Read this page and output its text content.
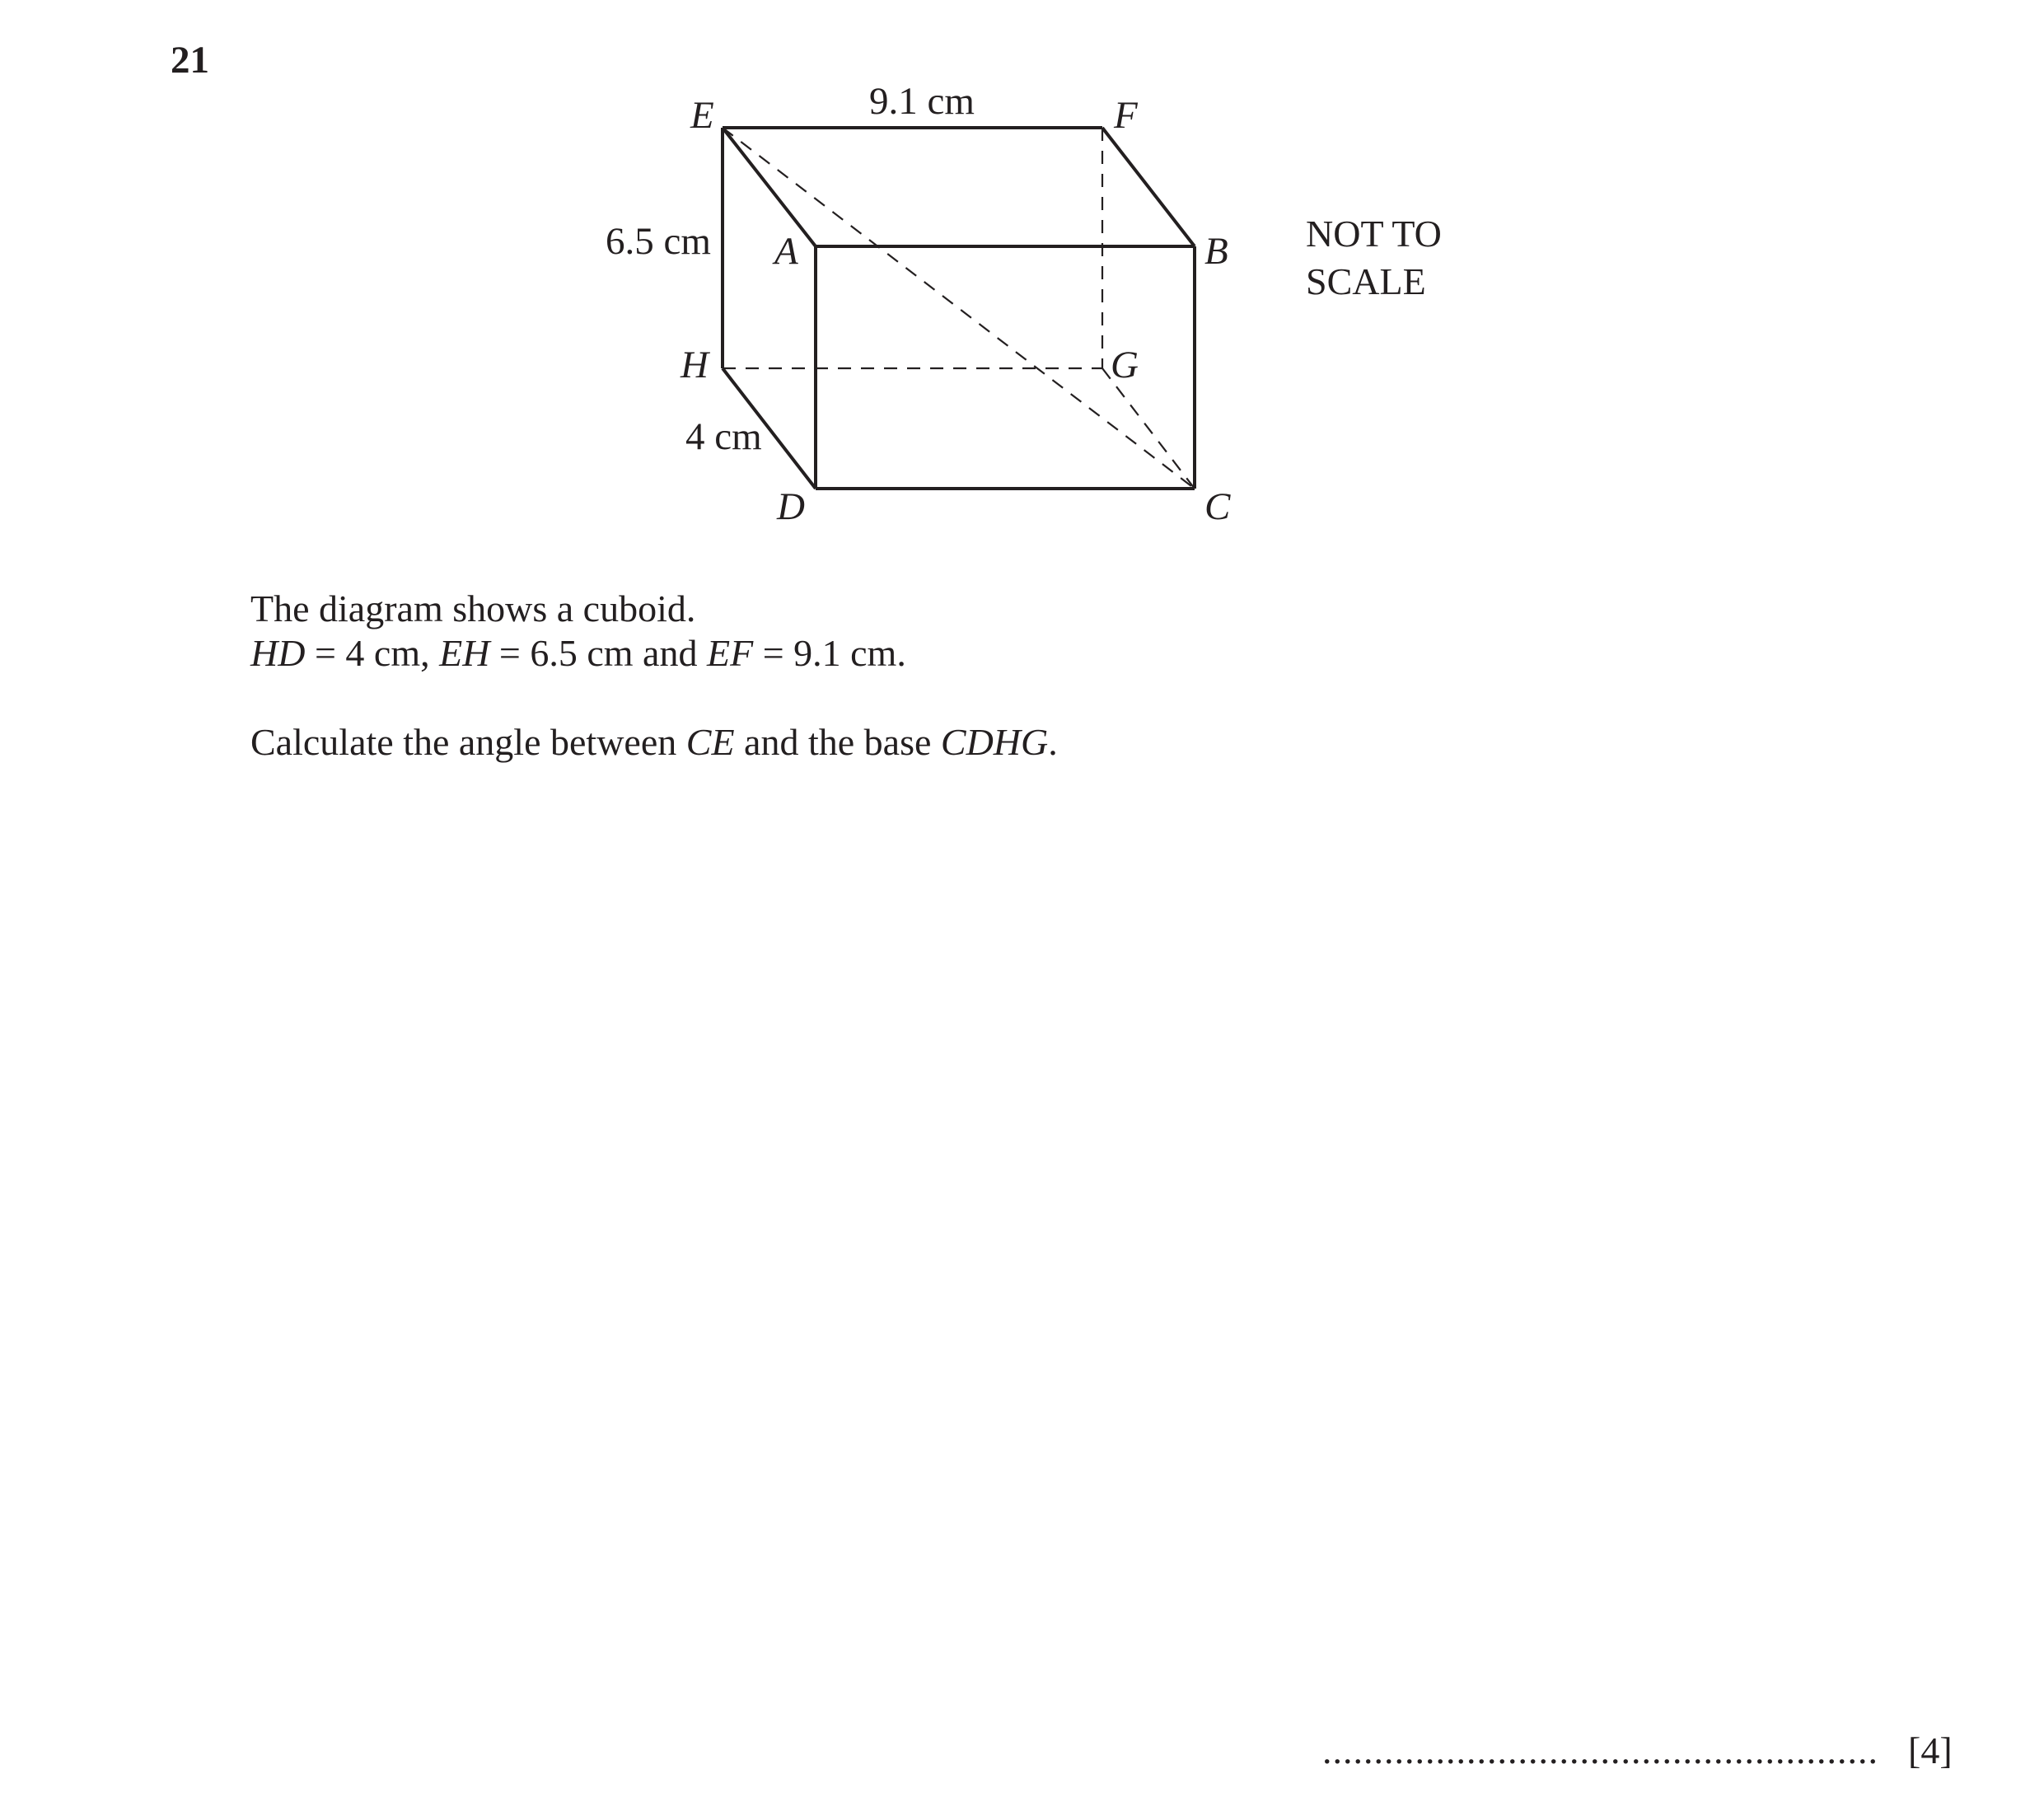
21
E	F
A	B
H	G
D	C
9.1 cm
6.5 cm
4 cm
NOT TO
SCALE
The diagram shows a cuboid.
HD = 4 cm, EH = 6.5 cm and EF = 9.1 cm.
Calculate the angle between CE and the base CDHG.
...................................................... [4]
